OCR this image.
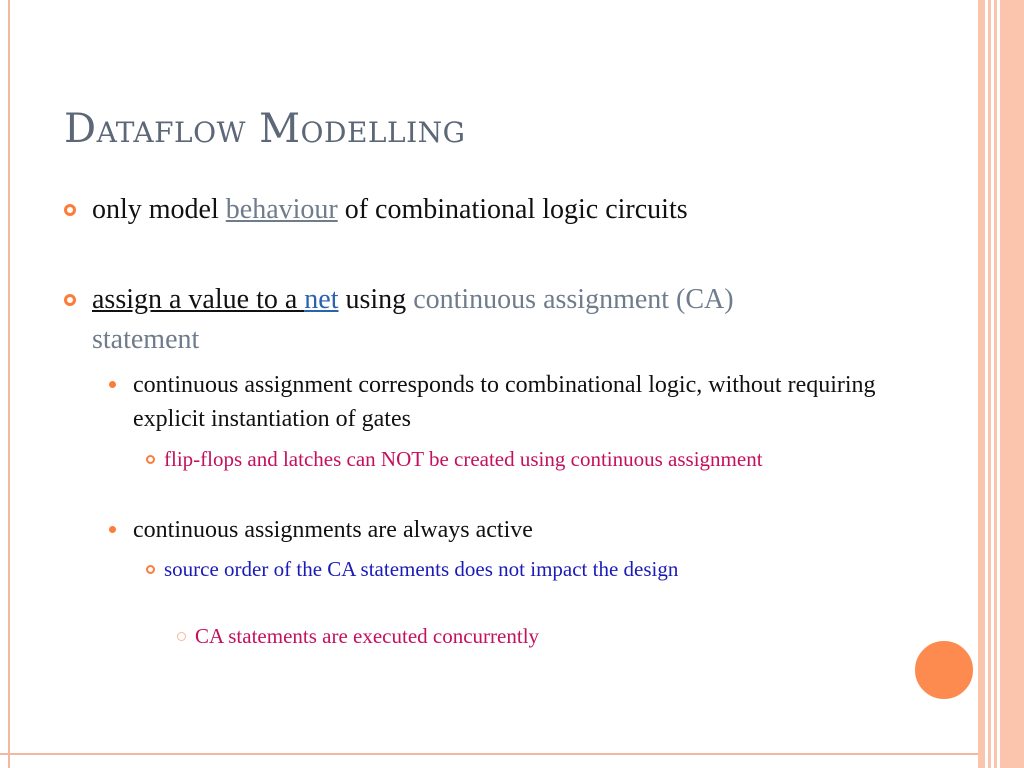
Dataflow Modelling
only model behaviour of combinational logic circuits
assign a value to a net using continuous assignment (CA) statement
continuous assignment corresponds to combinational logic, without requiring explicit instantiation of gates
flip-flops and latches can NOT be created using continuous assignment
continuous assignments are always active
source order of the CA statements does not impact the design
CA statements are executed concurrently
